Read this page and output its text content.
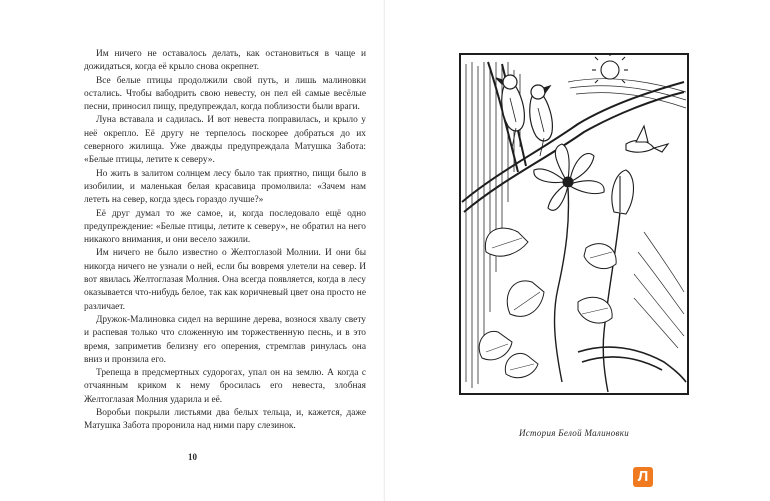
Им ничего не оставалось делать, как остановиться в чаще и дожидаться, когда её крыло снова окрепнет.

Все белые птицы продолжили свой путь, и лишь малиновки остались. Чтобы вабодрить свою невесту, он пел ей самые весёлые песни, приносил пищу, предупреждал, когда поблизости были враги.

Луна вставала и садилась. И вот невеста поправилась, и крыло у неё окрепло. Её другу не терпелось поскорее добраться до их северного жилища. Уже дважды предупреждала Матушка Забота: «Белые птицы, летите к северу».

Но жить в залитом солнцем лесу было так приятно, пищи было в изобилии, и маленькая белая красавица промолвила: «Зачем нам лететь на север, когда здесь гораздо лучше?»

Её друг думал то же самое, и, когда последовало ещё одно предупреждение: «Белые птицы, летите к северу», не обратил на него никакого внимания, и они весело зажили.

Им ничего не было известно о Желтоглазой Молнии. И они бы никогда ничего не узнали о ней, если бы вовремя улетели на север. И вот явилась Желтоглазая Молния. Она всегда появляется, когда в лесу оказывается что-нибудь белое, так как коричневый цвет она просто не различает.

Дружок-Малиновка сидел на вершине дерева, вознося хвалу свету и распевая только что сложенную им торжественную песнь, и в это время, заприметив белизну его оперения, стремглав ринулась она вниз и пронзила его.

Трепеща в предсмертных судорогах, упал он на землю. А когда с отчаянным криком к нему бросилась его невеста, злобная Желтоглазая Молния ударила и её.

Воробьи покрыли листьями два белых тельца, и, кажется, даже Матушка Забота проронила над ними пару слезинок.

10
История Белой Малиновки
Л
